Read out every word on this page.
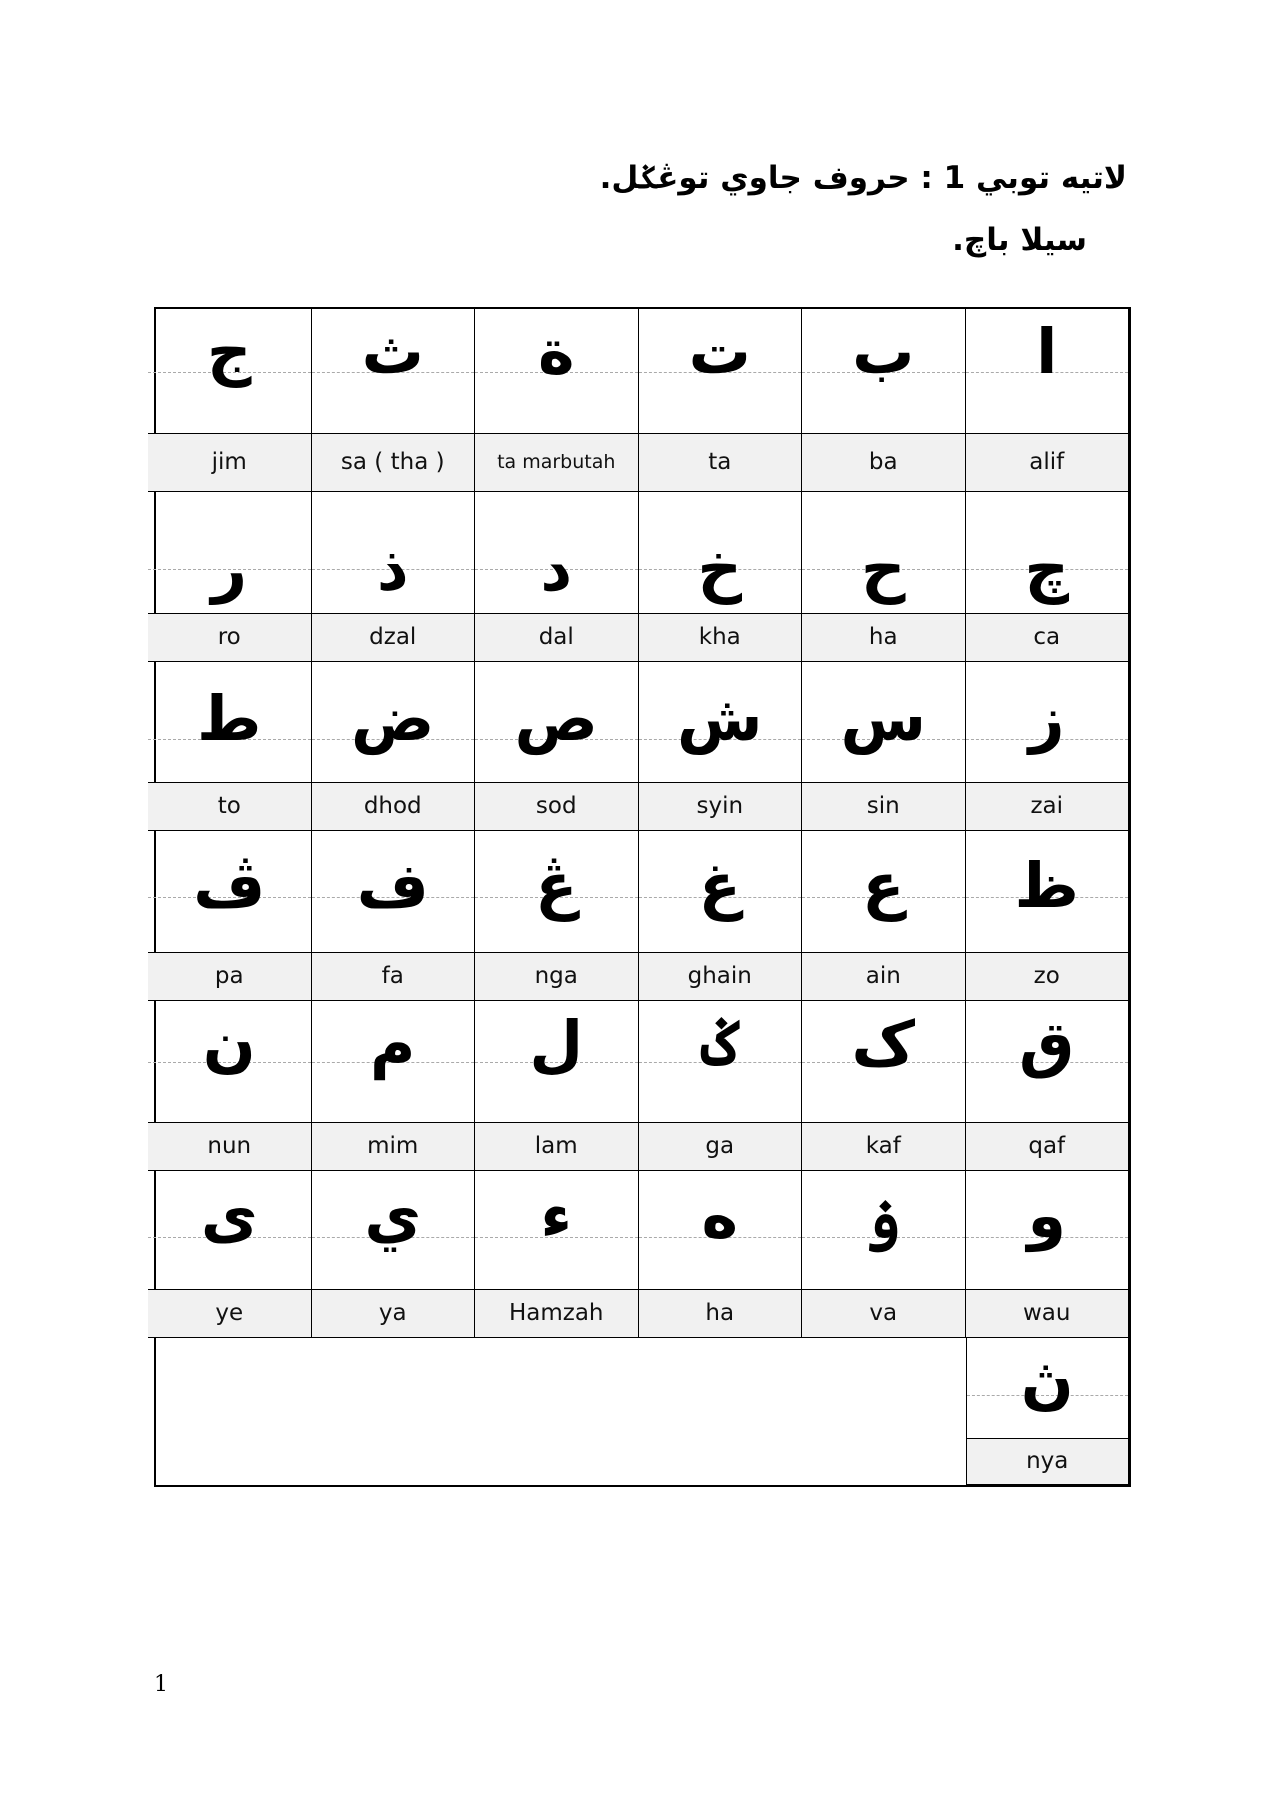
لاتيه توبي 1 : حروف جاوي توڠݢل.
سيلا باچ.
ا
alif
ب
ba
ت
ta
ة
ta marbutah
ث
sa ( tha )
ج
jim
چ
ca
ح
ha
خ
kha
د
dal
ذ
dzal
ر
ro
ز
zai
س
sin
ش
syin
ص
sod
ض
dhod
ط
to
ظ
zo
ع
ain
غ
ghain
ڠ
nga
ف
fa
ڤ
pa
ق
qaf
ک
kaf
ݢ
ga
ل
lam
م
mim
ن
nun
و
wau
ۏ
va
ه
ha
ء
Hamzah
ي
ya
ى
ye
ڽ
nya
1
